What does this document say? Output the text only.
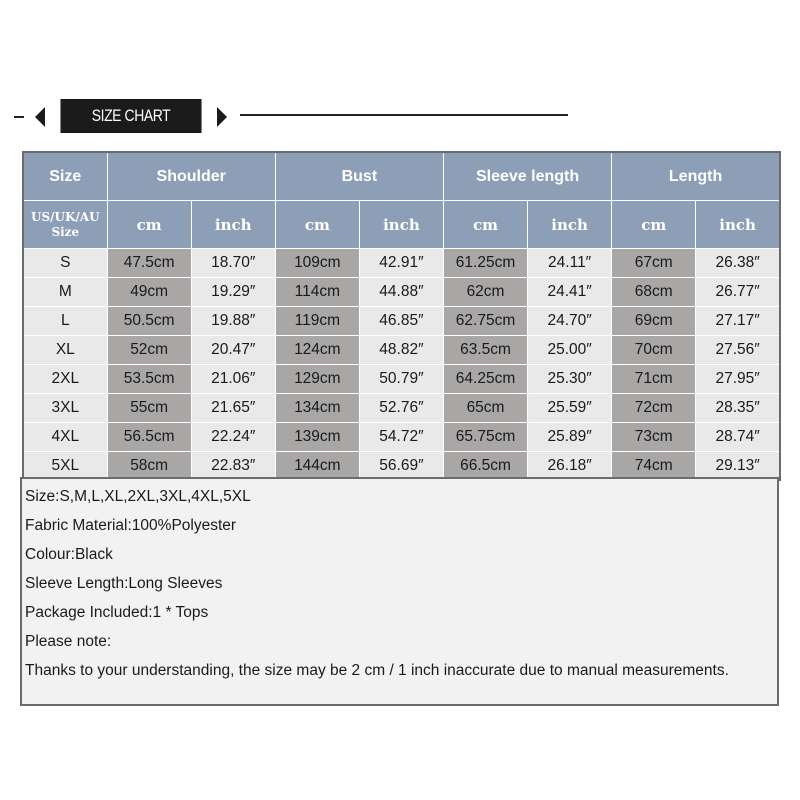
SIZE CHART
Size	Shoulder		Bust		Sleeve length		Length	
US/UK/AU
Size	cm	inch	cm	inch	cm	inch	cm	inch
S	47.5cm	18.70″	109cm	42.91″	61.25cm	24.11″	67cm	26.38″
M	49cm	19.29″	114cm	44.88″	62cm	24.41″	68cm	26.77″
L	50.5cm	19.88″	119cm	46.85″	62.75cm	24.70″	69cm	27.17″
XL	52cm	20.47″	124cm	48.82″	63.5cm	25.00″	70cm	27.56″
2XL	53.5cm	21.06″	129cm	50.79″	64.25cm	25.30″	71cm	27.95″
3XL	55cm	21.65″	134cm	52.76″	65cm	25.59″	72cm	28.35″
4XL	56.5cm	22.24″	139cm	54.72″	65.75cm	25.89″	73cm	28.74″
5XL	58cm	22.83″	144cm	56.69″	66.5cm	26.18″	74cm	29.13″
Size:S,M,L,XL,2XL,3XL,4XL,5XL
Fabric Material:100%Polyester
Colour:Black
Sleeve Length:Long Sleeves
Package Included:1 * Tops
Please note:
Thanks to your understanding, the size may be 2 cm / 1 inch inaccurate due to manual measurements.
